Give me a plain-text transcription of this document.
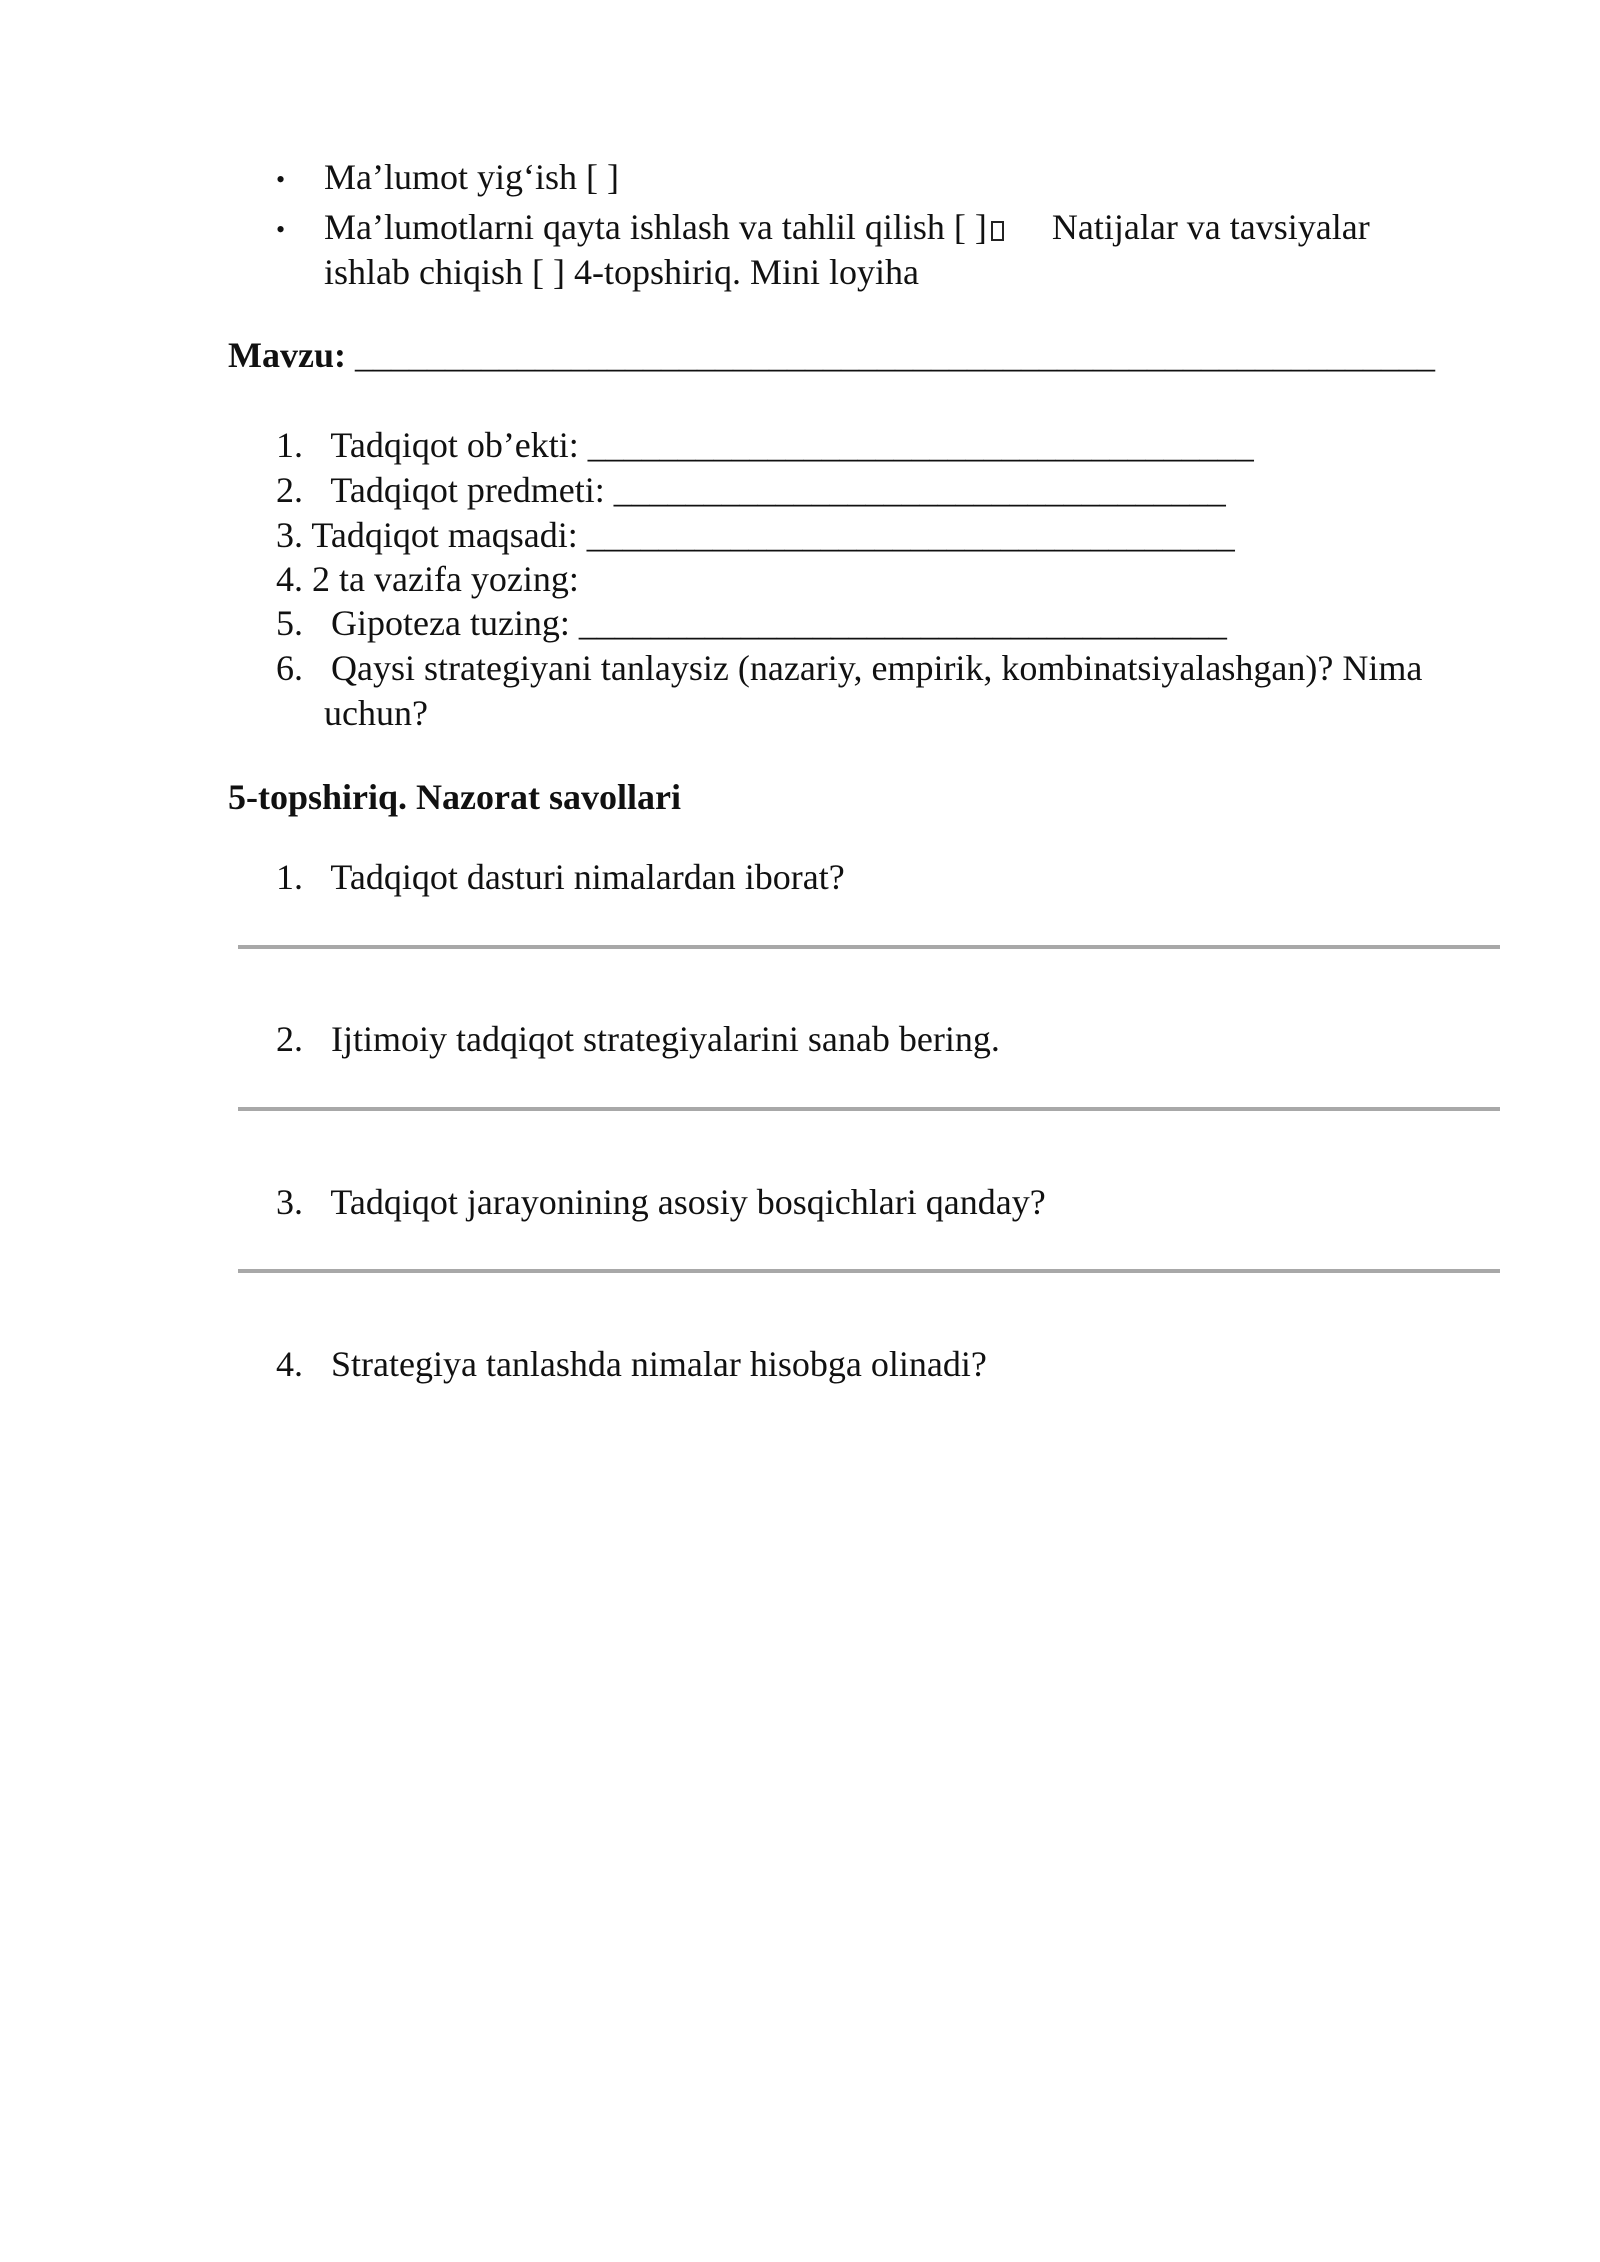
• Ma’lumot yig‘ish [ ]
• Ma’lumotlarni qayta ishlash va tahlil qilish [ ] Natijalar va tavsiyalar
ishlab chiqish [ ] 4-topshiriq. Mini loyiha
Mavzu: ____________________________________________________________
1. Tadqiqot ob’ekti: _____________________________________
2. Tadqiqot predmeti: __________________________________
3. Tadqiqot maqsadi: ____________________________________
4. 2 ta vazifa yozing:
5. Gipoteza tuzing: ____________________________________
6. Qaysi strategiyani tanlaysiz (nazariy, empirik, kombinatsiyalashgan)? Nima
uchun?
5-topshiriq. Nazorat savollari
1. Tadqiqot dasturi nimalardan iborat?
2. Ijtimoiy tadqiqot strategiyalarini sanab bering.
3. Tadqiqot jarayonining asosiy bosqichlari qanday?
4. Strategiya tanlashda nimalar hisobga olinadi?
